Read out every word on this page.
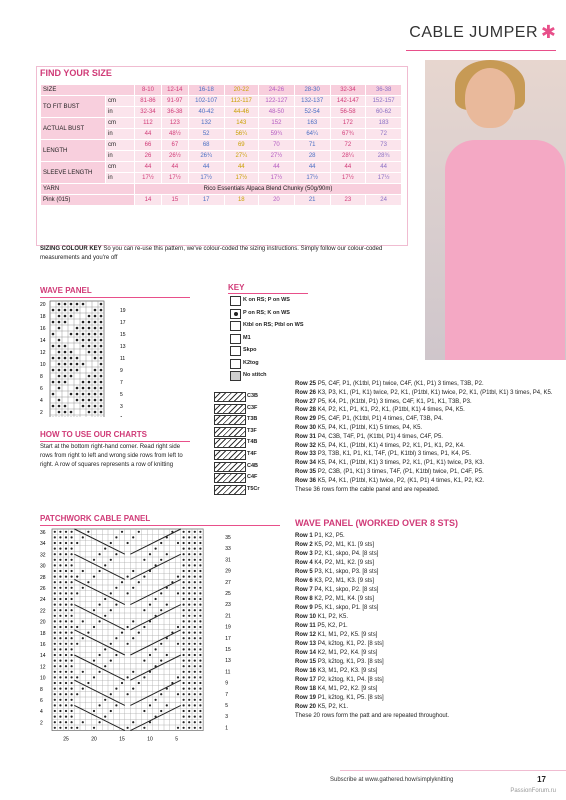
CABLE JUMPER ✱
FIND YOUR SIZE
SIZE		8-10	12-14	16-18	20-22	24-26	28-30	32-34	36-38
TO FIT BUST	cm	81-86	91-97	102-107	112-117	122-127	132-137	142-147	152-157
	in	32-34	36-38	40-42	44-46	48-50	52-54	56-58	60-62
ACTUAL BUST	cm	112	123	132	143	152	163	172	183
	in	44	48½	52	56¼	59¾	64¼	67¾	72
LENGTH	cm	66	67	68	69	70	71	72	73
	in	26	26½	26¾	27¼	27½	28	28¼	28¾
SLEEVE LENGTH	cm	44	44	44	44	44	44	44	44
	in	17½	17½	17½	17½	17½	17½	17½	17½
YARN		Rico Essentials Alpaca Blend Chunky (50g/90m)							
Pink (015)		14	15	17	18	20	21	23	24
SIZING COLOUR KEY So you can re-use this pattern, we've colour-coded the sizing instructions. Simply follow our colour-coded measurements and you're off
WAVE PANEL
20
18
16
14
12
10
8
6
4
2
19
17
15
13
11
9
7
5
3
HOW TO USE OUR CHARTS
Start at the bottom right-hand corner. Read right side rows from right to left and wrong side rows from left to right. A row of squares represents a row of knitting
KEY
K on RS; P on WS
P on RS; K on WS
Ktbl on RS; Ptbl on WS
M1
Skpo
K2tog
No stitch
C3B
C3F
T3B
T3F
T4B
T4F
C4B
C4F
T5Cr
PATCHWORK CABLE PANEL
36
34
32
30
28
26
24
22
20
18
16
14
12
10
8
6
4
2
35
33
31
29
27
25
23
21
19
17
15
13
11
9
7
5
3
1
25	20	15	10	5
Row 25 P5, C4F, P1, (K1tbl, P1) twice, C4F, (K1, P1) 3 times, T3B, P2.
Row 26 K3, P3, K1, (P1, K1) twice, P2, K1, (P1tbl, K1) twice, P2, K1, (P1tbl, K1) 3 times, P4, K5.
Row 27 P5, K4, P1, (K1tbl, P1) 3 times, C4F, K1, P1, K1, T3B, P3.
Row 28 K4, P2, K1, P1, K1, P2, K1, (P1tbl, K1) 4 times, P4, K5.
Row 29 P5, C4F, P1, (K1tbl, P1) 4 times, C4F, T3B, P4.
Row 30 K5, P4, K1, (P1tbl, K1) 5 times, P4, K5.
Row 31 P4, C3B, T4F, P1, (K1tbl, P1) 4 times, C4F, P5.
Row 32 K5, P4, K1, (P1tbl, K1) 4 times, P2, K1, P1, K1, P2, K4.
Row 33 P3, T3B, K1, P1, K1, T4F, (P1, K1tbl) 3 times, P1, K4, P5.
Row 34 K5, P4, K1, (P1tbl, K1) 3 times, P2, K1, (P1, K1) twice, P3, K3.
Row 35 P2, C3B, (P1, K1) 3 times, T4F, (P1, K1tbl) twice, P1, C4F, P5.
Row 36 K5, P4, K1, (P1tbl, K1) twice, P2, (K1, P1) 4 times, K1, P2, K2.
These 36 rows form the cable panel and are repeated.
WAVE PANEL (WORKED OVER 8 STS)
Row 1 P1, K2, P5.
Row 2 K5, P2, M1, K1. [9 sts]
Row 3 P2, K1, skpo, P4. [8 sts]
Row 4 K4, P2, M1, K2. [9 sts]
Row 5 P3, K1, skpo, P3. [8 sts]
Row 6 K3, P2, M1, K3. [9 sts]
Row 7 P4, K1, skpo, P2. [8 sts]
Row 8 K2, P2, M1, K4. [9 sts]
Row 9 P5, K1, skpo, P1. [8 sts]
Row 10 K1, P2, K5.
Row 11 P5, K2, P1.
Row 12 K1, M1, P2, K5. [9 sts]
Row 13 P4, k2tog, K1, P2. [8 sts]
Row 14 K2, M1, P2, K4. [9 sts]
Row 15 P3, k2tog, K1, P3. [8 sts]
Row 16 K3, M1, P2, K3. [9 sts]
Row 17 P2, k2tog, K1, P4. [8 sts]
Row 18 K4, M1, P2, K2. [9 sts]
Row 19 P1, k2tog, K1, P5. [8 sts]
Row 20 K5, P2, K1.
These 20 rows form the patt and are repeated throughout.
Subscribe at www.gathered.how/simplyknitting	17
PassionForum.ru
